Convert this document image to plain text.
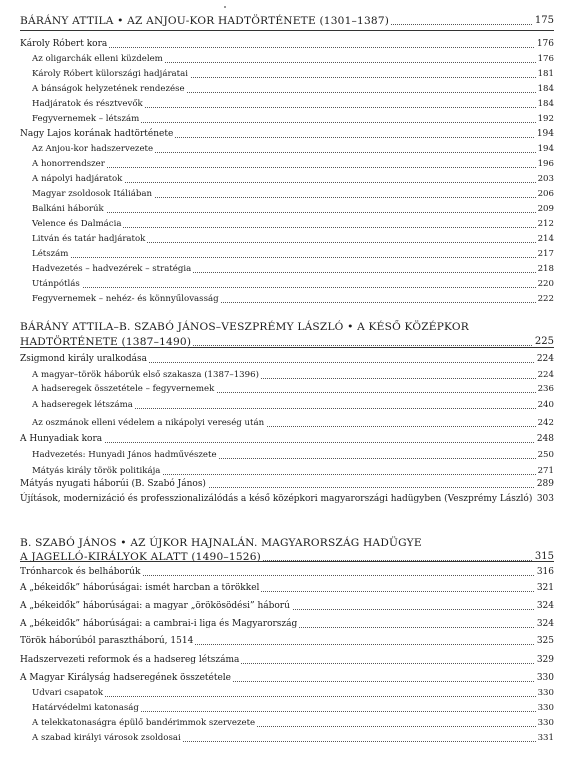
BÁRÁNY ATTILA • AZ ANJOU-KOR HADTÖRTÉNETE (1301–1387)	175
Károly Róbert kora	176
Az oligarchák elleni küzdelem	176
Károly Róbert külországi hadjáratai	181
A bánságok helyzetének rendezése	184
Hadjáratok és résztvevők	184
Fegyvernemek – létszám	192
Nagy Lajos korának hadtörténete	194
Az Anjou-kor hadszervezete	194
A honorrendszer	196
A nápolyi hadjáratok	203
Magyar zsoldosok Itáliában	206
Balkáni háborúk	209
Velence és Dalmácia	212
Litván és tatár hadjáratok	214
Létszám	217
Hadvezetés – hadvezérek – stratégia	218
Utánpótlás	220
Fegyvernemek – nehéz- és könnyűlovasság	222
BÁRÁNY ATTILA–B. SZABÓ JÁNOS–VESZPRÉMY LÁSZLÓ • A KÉSŐ KÖZÉPKOR
HADTÖRTÉNETE (1387–1490)	225
Zsigmond király uralkodása	224
A magyar–török háborúk első szakasza (1387–1396)	224
A hadseregek összetétele – fegyvernemek	236
A hadseregek létszáma	240
Az oszmánok elleni védelem a nikápolyi vereség után	242
A Hunyadiak kora	248
Hadvezetés: Hunyadi János hadművészete	250
Mátyás király török politikája	271
Mátyás nyugati háborúi (B. Szabó János)	289
Újítások, modernizáció és professzionalizálódás a késő középkori magyarországi hadügyben (Veszprémy László) 303
B. SZABÓ JÁNOS • AZ ÚJKOR HAJNALÁN. MAGYARORSZÁG HADÜGYE
A JAGELLÓ-KIRÁLYOK ALATT (1490–1526)	315
Trónharcok és belháborúk	316
A „békeidők” háborúságai: ismét harcban a törökkel	321
A „békeidők” háborúságai: a magyar „örökösödési” háború	324
A „békeidők” háborúságai: a cambrai-i liga és Magyarország	324
Török háborúból parasztháború, 1514	325
Hadszervezeti reformok és a hadsereg létszáma	329
A Magyar Királyság hadseregének összetétele	330
Udvari csapatok	330
Határvédelmi katonaság	330
A telekkatonaságra épülő bandérimmok szervezete	330
A szabad királyi városok zsoldosai	331
